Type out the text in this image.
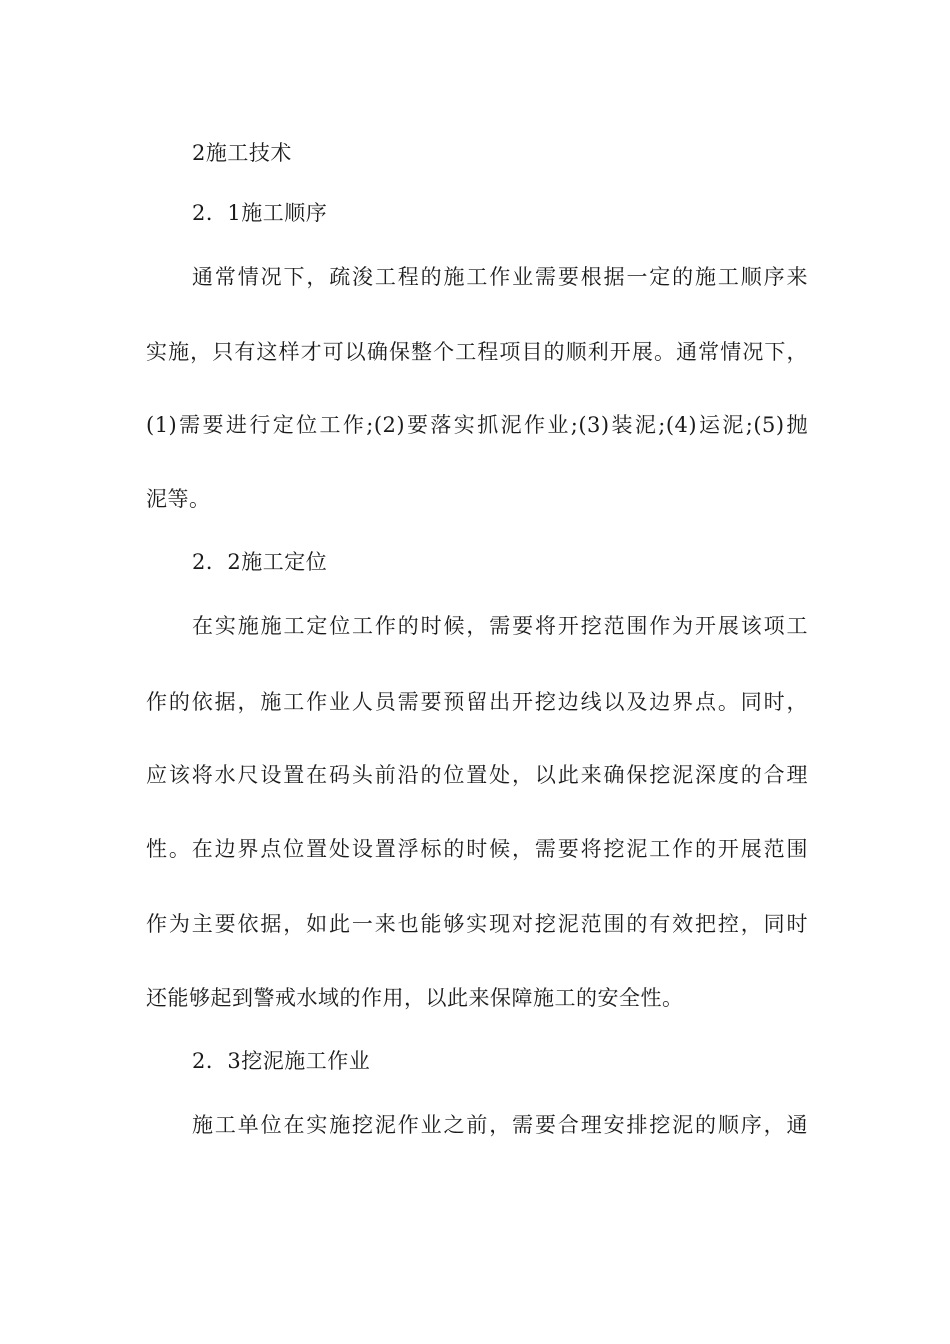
2施工技术
2．1施工顺序
通常情况下，疏浚工程的施工作业需要根据一定的施工顺序来
实施，只有这样才可以确保整个工程项目的顺利开展。通常情况下，
(1)需要进行定位工作;(2)要落实抓泥作业;(3)装泥;(4)运泥;(5)抛
泥等。
2．2施工定位
在实施施工定位工作的时候，需要将开挖范围作为开展该项工
作的依据，施工作业人员需要预留出开挖边线以及边界点。同时，
应该将水尺设置在码头前沿的位置处，以此来确保挖泥深度的合理
性。在边界点位置处设置浮标的时候，需要将挖泥工作的开展范围
作为主要依据，如此一来也能够实现对挖泥范围的有效把控，同时
还能够起到警戒水域的作用，以此来保障施工的安全性。
2．3挖泥施工作业
施工单位在实施挖泥作业之前，需要合理安排挖泥的顺序，通
